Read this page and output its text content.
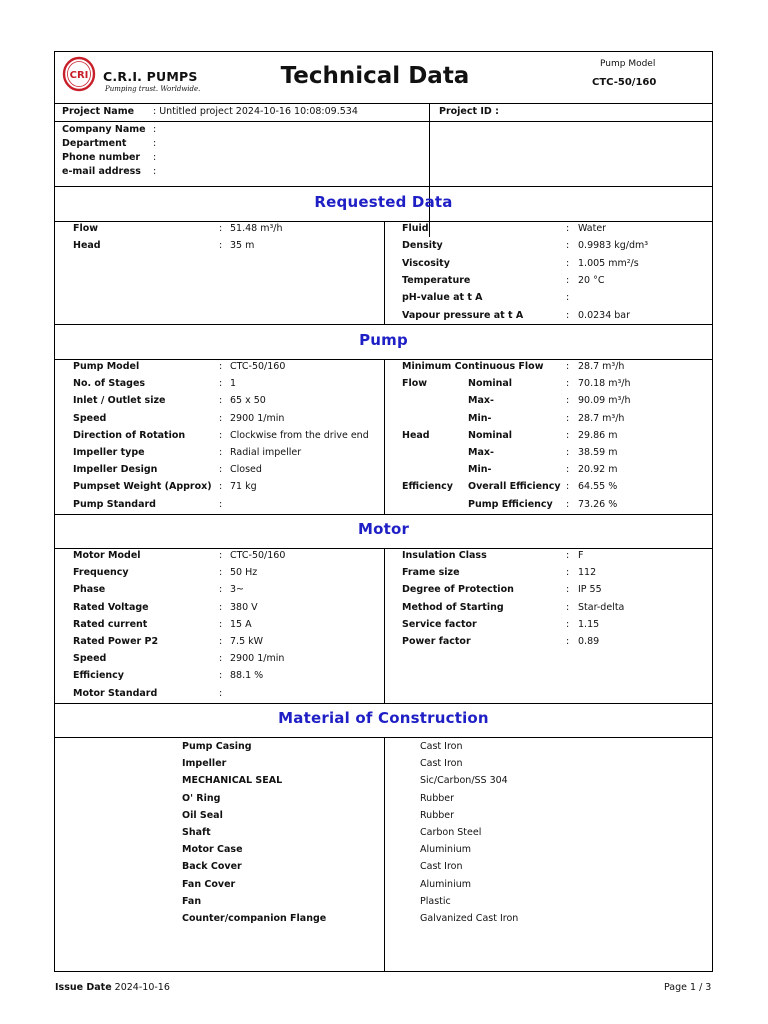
CRI C.R.I. PUMPS
Pumping trust. Worldwide.	Technical Data	Pump Model
CTC-50/160
Project Name : Untitled project 2024-10-16 10:08:09.534	Project ID :
Company Name :
Department	:
Phone number :
e-mail address :
Requested Data
Flow	: 51.48 m³/h
Head	: 35 m
Fluid	: Water
Density	: 0.9983 kg/dm³
Viscosity	: 1.005 mm²/s
Temperature	: 20 °C
pH-value at t A	:
Vapour pressure at t A	: 0.0234 bar
Pump
Pump Model	: CTC-50/160
No. of Stages	: 1
Inlet / Outlet size	: 65 x 50
Speed	: 2900 1/min
Direction of Rotation	: Clockwise from the drive end
Impeller type	: Radial impeller
Impeller Design	: Closed
Pumpset Weight (Approx) : 71 kg
Pump Standard	:
Minimum Continuous Flow : 28.7 m³/h
Flow	Nominal	: 70.18 m³/h
Max-	: 90.09 m³/h
Min-	: 28.7 m³/h
Head	Nominal	: 29.86 m
Max-	: 38.59 m
Min-	: 20.92 m
Efficiency Overall Efficiency : 64.55 %
Pump Efficiency : 73.26 %
Motor
Motor Model	: CTC-50/160
Frequency	: 50 Hz
Phase	: 3~
Rated Voltage	: 380 V
Rated current	: 15 A
Rated Power P2	: 7.5 kW
Speed	: 2900 1/min
Efficiency	: 88.1 %
Motor Standard	:
Insulation Class	: F
Frame size	: 112
Degree of Protection	: IP 55
Method of Starting	: Star-delta
Service factor	: 1.15
Power factor	: 0.89
Material of Construction
Pump Casing	Cast Iron
Impeller	Cast Iron
MECHANICAL SEAL	Sic/Carbon/SS 304
O' Ring	Rubber
Oil Seal	Rubber
Shaft	Carbon Steel
Motor Case	Aluminium
Back Cover	Cast Iron
Fan Cover	Aluminium
Fan	Plastic
Counter/companion Flange	Galvanized Cast Iron
Issue Date 2024-10-16	Page 1 / 3
